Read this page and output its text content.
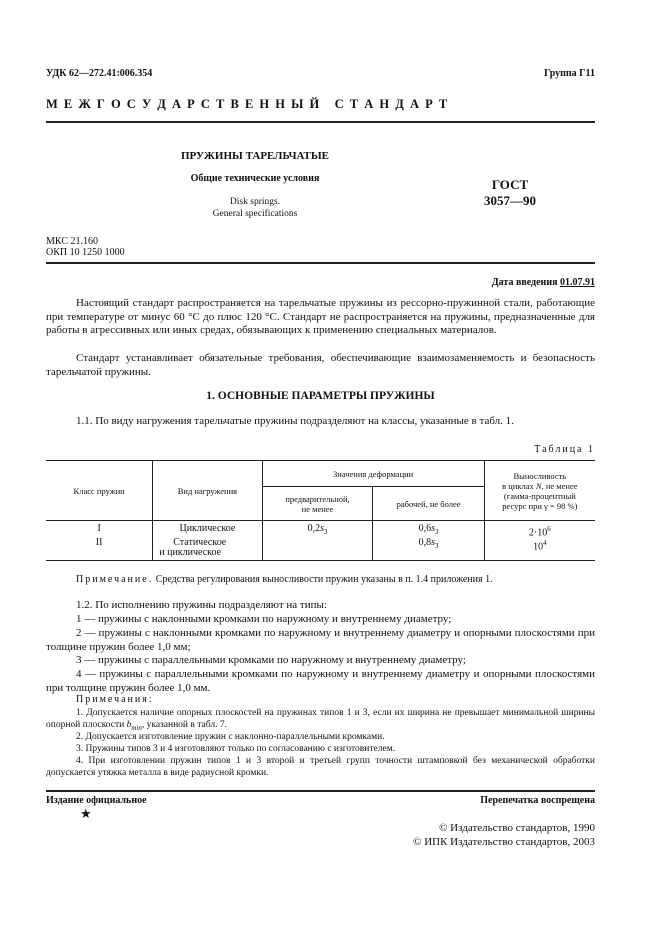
УДК 62—272.41:006.354	Группа Г11
М Е Ж Г О С У Д А Р С Т В Е Н Н Ы Й   С Т А Н Д А Р Т
ПРУЖИНЫ ТАРЕЛЬЧАТЫЕ
Общие технические условия
Disk springs.
General specifications
ГОСТ
3057—90
МКС 21.160
ОКП 10 1250 1000
Дата введения 01.07.91
Настоящий стандарт распространяется на тарельчатые пружины из рессорно-пружинной стали, работающие при температуре от минус 60 °С до плюс 120 °С. Стандарт не распространяется на пружины, предназначенные для работы в агрессивных или иных средах, обязывающих к применению специальных материалов.
Стандарт устанавливает обязательные требования, обеспечивающие взаимозаменяемость и безопасность тарельчатой пружины.
1. ОСНОВНЫЕ ПАРАМЕТРЫ ПРУЖИНЫ
1.1. По виду нагружения тарельчатые пружины подразделяют на классы, указанные в табл. 1.
Таблица 1
Класс пружин	Вид нагружения	Значения деформации		Выносливость
в циклах N, не менее
(гамма-процентный
ресурс при γ = 98 %)

		предварительной,
не менее	рабочей, не более	
I	Циклическое	$0,2s_3$	$0,6s_3$	$2\cdot 10^6$
II	Статическое
и циклическое		$0,8s_3$	$10^4$
Примечание. Средства регулирования выносливости пружин указаны в п. 1.4 приложения 1.
1.2. По исполнению пружины подразделяют на типы:
1 — пружины с наклонными кромками по наружному и внутреннему диаметру;
2 — пружины с наклонными кромками по наружному и внутреннему диаметру и опорными плоскостями при толщине пружин более 1,0 мм;
3 — пружины с параллельными кромками по наружному и внутреннему диаметру;
4 — пружины с параллельными кромками по наружному и внутреннему диаметру и опорными плоскостями при толщине пружин более 1,0 мм.
Примечания:
1. Допускается наличие опорных плоскостей на пружинах типов 1 и 3, если их ширина не превышает минимальной ширины опорной плоскости $b_{min}$, указанной в табл. 7.
2. Допускается изготовление пружин с наклонно-параллельными кромками.
3. Пружины типов 3 и 4 изготовляют только по согласованию с изготовителем.
4. При изготовлении пружин типов 1 и 3 второй и третьей групп точности штамповкой без механической обработки допускается утяжка металла в виде радиусной кромки.
Издание официальное
★
Перепечатка воспрещена
© Издательство стандартов, 1990
© ИПК Издательство стандартов, 2003
